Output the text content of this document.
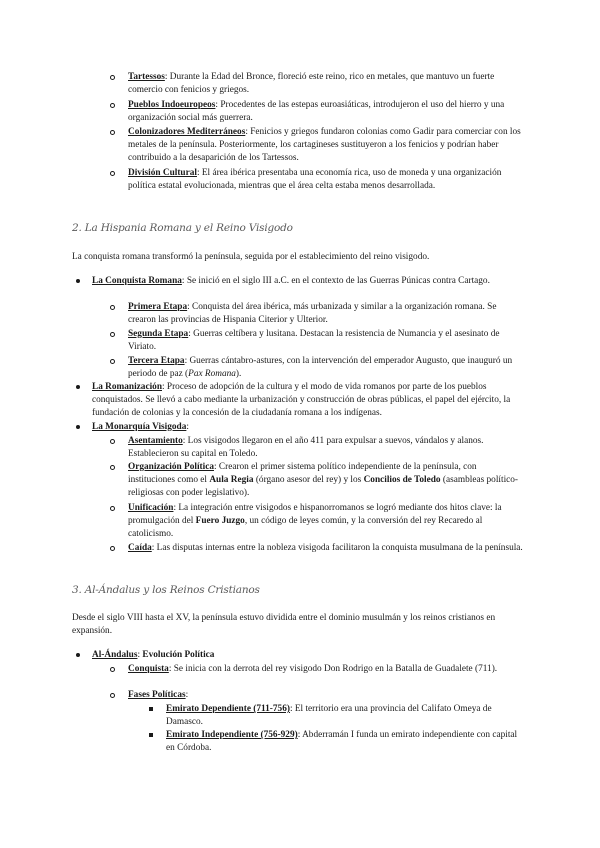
Tartessos: Durante la Edad del Bronce, floreció este reino, rico en metales, que mantuvo un fuerte comercio con fenicios y griegos.
Pueblos Indoeuropeos: Procedentes de las estepas euroasiáticas, introdujeron el uso del hierro y una organización social más guerrera.
Colonizadores Mediterráneos: Fenicios y griegos fundaron colonias como Gadir para comerciar con los metales de la península. Posteriormente, los cartagineses sustituyeron a los fenicios y podrían haber contribuido a la desaparición de los Tartessos.
División Cultural: El área ibérica presentaba una economía rica, uso de moneda y una organización política estatal evolucionada, mientras que el área celta estaba menos desarrollada.
2. La Hispania Romana y el Reino Visigodo
La conquista romana transformó la península, seguida por el establecimiento del reino visigodo.
La Conquista Romana: Se inició en el siglo III a.C. en el contexto de las Guerras Púnicas contra Cartago.
Primera Etapa: Conquista del área ibérica, más urbanizada y similar a la organización romana. Se crearon las provincias de Hispania Citerior y Ulterior.
Segunda Etapa: Guerras celtíbera y lusitana. Destacan la resistencia de Numancia y el asesinato de Viriato.
Tercera Etapa: Guerras cántabro-astures, con la intervención del emperador Augusto, que inauguró un periodo de paz (Pax Romana).
La Romanización: Proceso de adopción de la cultura y el modo de vida romanos por parte de los pueblos conquistados. Se llevó a cabo mediante la urbanización y construcción de obras públicas, el papel del ejército, la fundación de colonias y la concesión de la ciudadanía romana a los indígenas.
La Monarquía Visigoda:
Asentamiento: Los visigodos llegaron en el año 411 para expulsar a suevos, vándalos y alanos. Establecieron su capital en Toledo.
Organización Política: Crearon el primer sistema político independiente de la península, con instituciones como el Aula Regia (órgano asesor del rey) y los Concilios de Toledo (asambleas político-religiosas con poder legislativo).
Unificación: La integración entre visigodos e hispanorromanos se logró mediante dos hitos clave: la promulgación del Fuero Juzgo, un código de leyes común, y la conversión del rey Recaredo al catolicismo.
Caída: Las disputas internas entre la nobleza visigoda facilitaron la conquista musulmana de la península.
3. Al-Ándalus y los Reinos Cristianos
Desde el siglo VIII hasta el XV, la península estuvo dividida entre el dominio musulmán y los reinos cristianos en expansión.
Al-Ándalus: Evolución Política
Conquista: Se inicia con la derrota del rey visigodo Don Rodrigo en la Batalla de Guadalete (711).
Fases Políticas:
Emirato Dependiente (711-756): El territorio era una provincia del Califato Omeya de Damasco.
Emirato Independiente (756-929): Abderramán I funda un emirato independiente con capital en Córdoba.
